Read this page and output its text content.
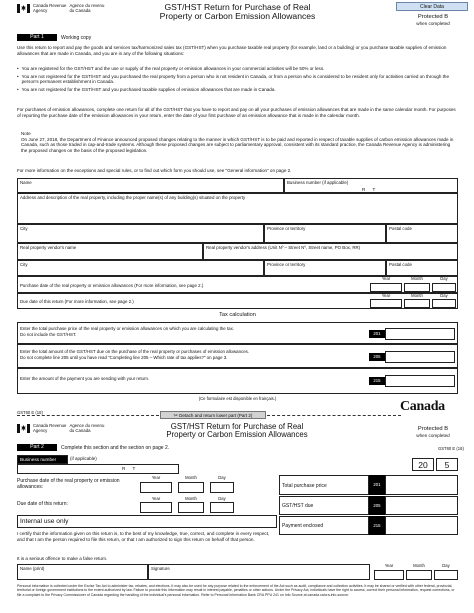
Canada Revenue
Agency
Agence du revenu
du Canada	GST/HST Return for Purchase of Real
Property or Carbon Emission Allowances
Clear Data
Protected B
when completed
Part 1	Working copy
Use this return to report and pay the goods and services tax/harmonized sales tax (GST/HST) when you purchase taxable real property (for example, land or a building) or you purchase taxable supplies of emission allowances that are made in Canada, and you are in any of the following situations:
• You are registered for the GST/HST and the use or supply of the real property or emission allowances in your commercial activities will be 50% or less.
• You are not registered for the GST/HST and you purchased the real property from a person who is not resident in Canada, or from a person who is considered to be resident only for activities carried on through the person's permanent establishment in Canada.
• You are not registered for the GST/HST and you purchased taxable supplies of emission allowances that are made in Canada.
For purchases of emission allowances, complete one return for all of the GST/HST that you have to report and pay on all your purchases of emission allowances that are made in the same calendar month. For purposes of reporting the purchase date of the emission allowances in your return, enter the date of your first purchase of an emission allowance that is made in the calendar month.
Note
On June 27, 2018, the Department of Finance announced proposed changes relating to the manner in which GST/HST is to be paid and reported in respect of taxable supplies of carbon emission allowances made in Canada, such as those traded in cap-and-trade systems. Although these proposed changes are subject to parliamentary approval, consistent with its standard practice, the Canada Revenue Agency is administering the proposed changes on the basis of the proposed legislation.
For more information on the exceptions and special rules, or to find out which form you should use, see "General information" on page 2.
Name	Business number (if applicable)
R T
Address and description of the real property, including the proper name(s) of any building(s) situated on the property
City	Province or territory	Postal code
Real property vendor's name	Real property vendor's address (Unit Nº – Street Nº, Street name, PO Box, RR)
City	Province or territory	Postal code
Purchase date of the real property or emission allowances (For more information, see page 2.)
Year	Month	Day
Due date of this return (For more information, see page 2.)
Year	Month	Day
Tax calculation
Enter the total purchase price of the real property or emission allowances on which you are calculating the tax.
Do not include the GST/HST.	201
Enter the total amount of the GST/HST due on the purchase of the real property or purchases of emission allowances.
Do not complete line 205 until you have read "Completing line 205 – Which rate of tax applies?" on page 3.	205
Enter the amount of the payment you are sending with your return.	215
(Ce formulaire est disponible en français.)
GST60 E (18)	Canada
✂ Detach and return lower part (Part 2)
Canada Revenue
Agency
Agence du revenu
du Canada	GST/HST Return for Purchase of Real
Property or Carbon Emission Allowances
Protected B
when completed
GST60 E (18)
Part 2	Complete this section and the section on page 2.
Business number	(if applicable)
R T	20	5
Purchase date of the real property or emission allowances:
Year	Month	Day
Due date of this return:
Year	Month	Day
Internal use only
Total purchase price	201
GST/HST due	205
Payment enclosed	215
I certify that the information given on this return is, to the best of my knowledge, true, correct, and complete in every respect, and that I am the person required to file this return, or that I am authorized to sign this return on behalf of that person.
It is a serious offence to make a false return.
Name (print)	Signature
Year	Month	Day
Personal information is collected under the Excise Tax Act to administer tax, rebates, and elections. It may also be used for any purpose related to the enforcement of the Act such as audit, compliance and collection activities. It may be shared or verified with other federal, provincial, territorial or foreign government institutions to the extent authorized by law. Failure to provide this information may result in interest payable, penalties or other actions. Under the Privacy Act, individuals have the right to access, correct their personal information, request corrections, or file a complaint to the Privacy Commissioner of Canada regarding the handling of the individual's personal information. Refer to Personal Information Bank CRA PPU 241 on Info Source at canada.ca/cra-info-source.
